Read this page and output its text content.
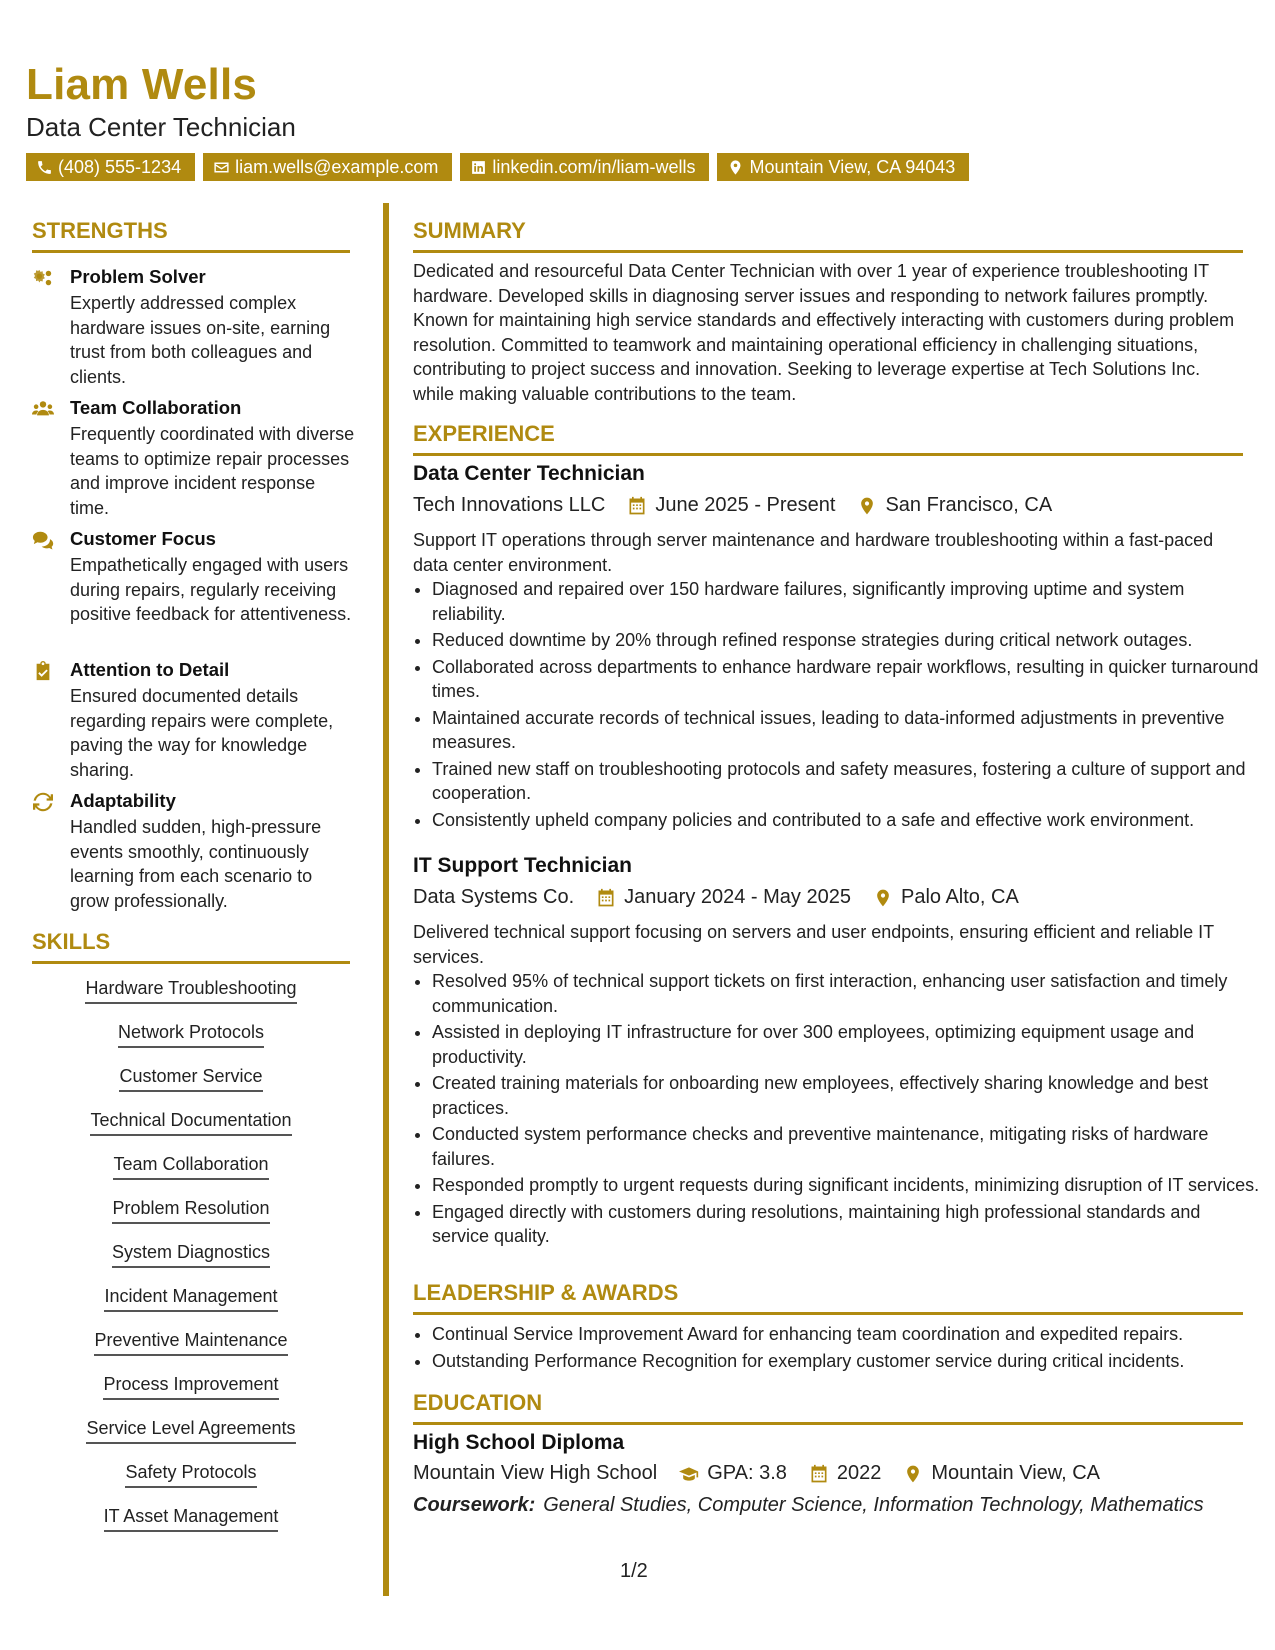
Liam Wells
Data Center Technician
(408) 555-1234	liam.wells@example.com	linkedin.com/in/liam-wells	Mountain View, CA 94043
STRENGTHS
Problem Solver
Expertly addressed complex hardware issues on-site, earning trust from both colleagues and clients.
Team Collaboration
Frequently coordinated with diverse teams to optimize repair processes and improve incident response time.
Customer Focus
Empathetically engaged with users during repairs, regularly receiving positive feedback for attentiveness.
Attention to Detail
Ensured documented details regarding repairs were complete, paving the way for knowledge sharing.
Adaptability
Handled sudden, high-pressure events smoothly, continuously learning from each scenario to grow professionally.
SKILLS
Hardware Troubleshooting
Network Protocols
Customer Service
Technical Documentation
Team Collaboration
Problem Resolution
System Diagnostics
Incident Management
Preventive Maintenance
Process Improvement
Service Level Agreements
Safety Protocols
IT Asset Management
SUMMARY
Dedicated and resourceful Data Center Technician with over 1 year of experience troubleshooting IT hardware. Developed skills in diagnosing server issues and responding to network failures promptly. Known for maintaining high service standards and effectively interacting with customers during problem resolution. Committed to teamwork and maintaining operational efficiency in challenging situations, contributing to project success and innovation. Seeking to leverage expertise at Tech Solutions Inc. while making valuable contributions to the team.
EXPERIENCE
Data Center Technician
Tech Innovations LLC	June 2025 - Present	San Francisco, CA
Support IT operations through server maintenance and hardware troubleshooting within a fast-paced data center environment.
• Diagnosed and repaired over 150 hardware failures, significantly improving uptime and system reliability.
• Reduced downtime by 20% through refined response strategies during critical network outages.
• Collaborated across departments to enhance hardware repair workflows, resulting in quicker turnaround times.
• Maintained accurate records of technical issues, leading to data-informed adjustments in preventive measures.
• Trained new staff on troubleshooting protocols and safety measures, fostering a culture of support and cooperation.
• Consistently upheld company policies and contributed to a safe and effective work environment.
IT Support Technician
Data Systems Co.	January 2024 - May 2025	Palo Alto, CA
Delivered technical support focusing on servers and user endpoints, ensuring efficient and reliable IT services.
• Resolved 95% of technical support tickets on first interaction, enhancing user satisfaction and timely communication.
• Assisted in deploying IT infrastructure for over 300 employees, optimizing equipment usage and productivity.
• Created training materials for onboarding new employees, effectively sharing knowledge and best practices.
• Conducted system performance checks and preventive maintenance, mitigating risks of hardware failures.
• Responded promptly to urgent requests during significant incidents, minimizing disruption of IT services.
• Engaged directly with customers during resolutions, maintaining high professional standards and service quality.
LEADERSHIP & AWARDS
• Continual Service Improvement Award for enhancing team coordination and expedited repairs.
• Outstanding Performance Recognition for exemplary customer service during critical incidents.
EDUCATION
High School Diploma
Mountain View High School	GPA: 3.8	2022	Mountain View, CA
Coursework: General Studies, Computer Science, Information Technology, Mathematics
1/2
